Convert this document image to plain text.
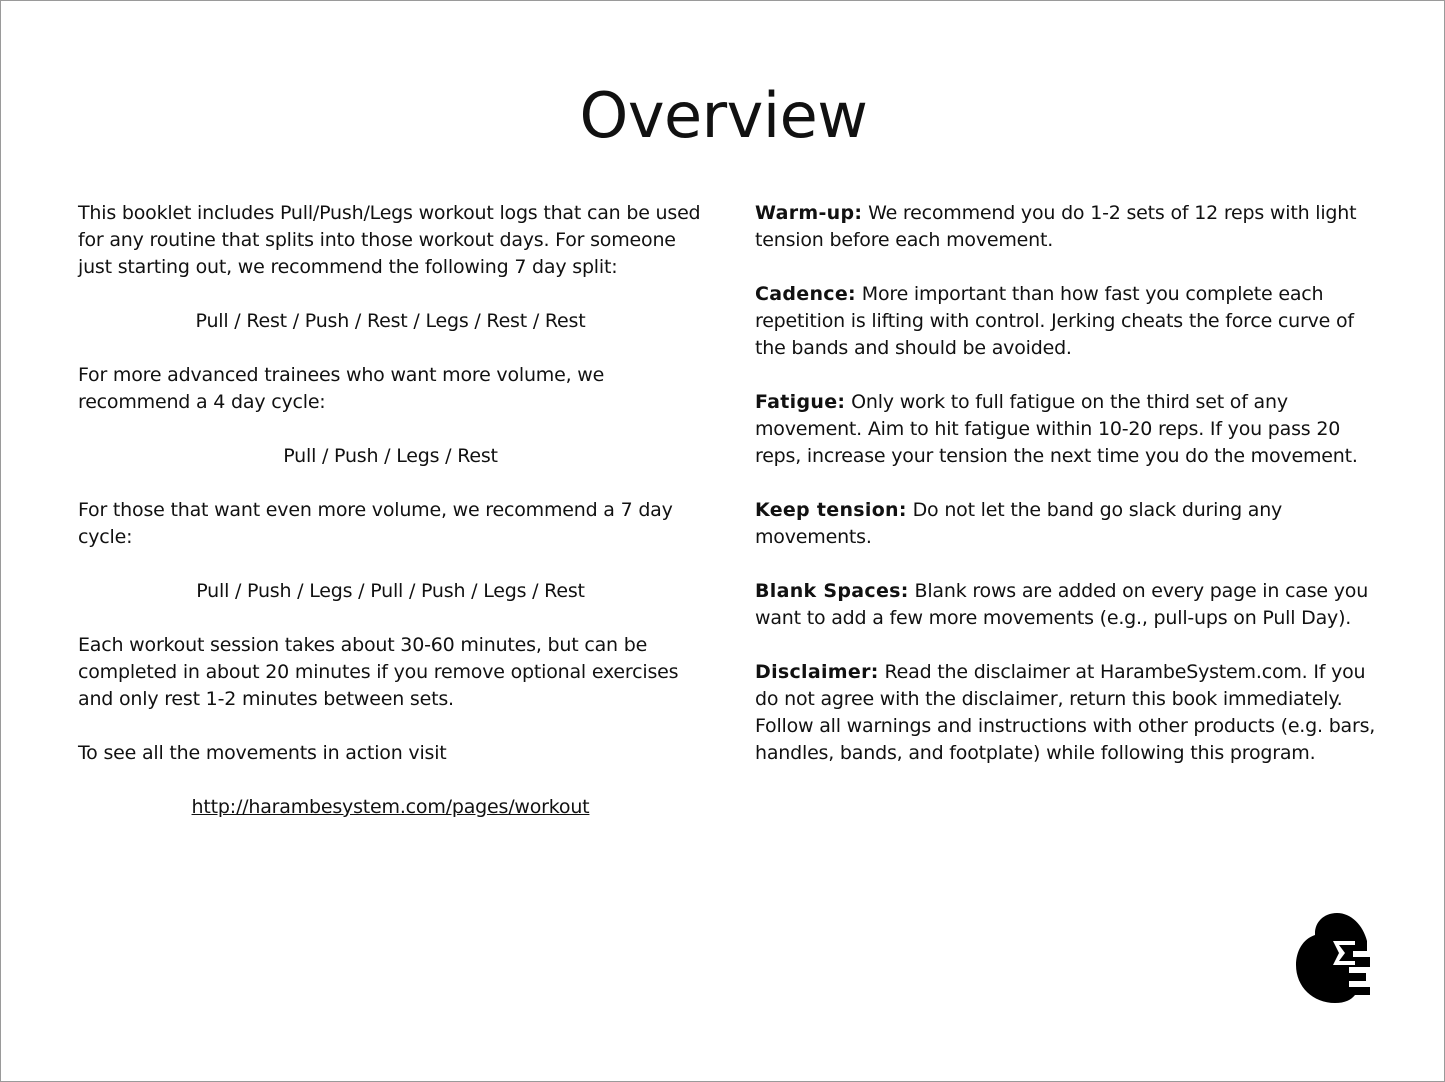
Overview

This booklet includes Pull/Push/Legs workout logs that can be used
for any routine that splits into those workout days. For someone
just starting out, we recommend the following 7 day split:

Pull / Rest / Push / Rest / Legs / Rest / Rest

For more advanced trainees who want more volume, we
recommend a 4 day cycle:

Pull / Push / Legs / Rest

For those that want even more volume, we recommend a 7 day
cycle:

Pull / Push / Legs / Pull / Push / Legs / Rest

Each workout session takes about 30-60 minutes, but can be
completed in about 20 minutes if you remove optional exercises
and only rest 1-2 minutes between sets.

To see all the movements in action visit

http://harambesystem.com/pages/workout

Warm-up: We recommend you do 1-2 sets of 12 reps with light
tension before each movement.

Cadence: More important than how fast you complete each
repetition is lifting with control. Jerking cheats the force curve of
the bands and should be avoided.

Fatigue: Only work to full fatigue on the third set of any
movement. Aim to hit fatigue within 10-20 reps. If you pass 20
reps, increase your tension the next time you do the movement.

Keep tension: Do not let the band go slack during any
movements.

Blank Spaces: Blank rows are added on every page in case you
want to add a few more movements (e.g., pull-ups on Pull Day).

Disclaimer: Read the disclaimer at HarambeSystem.com. If you
do not agree with the disclaimer, return this book immediately.
Follow all warnings and instructions with other products (e.g. bars,
handles, bands, and footplate) while following this program.
